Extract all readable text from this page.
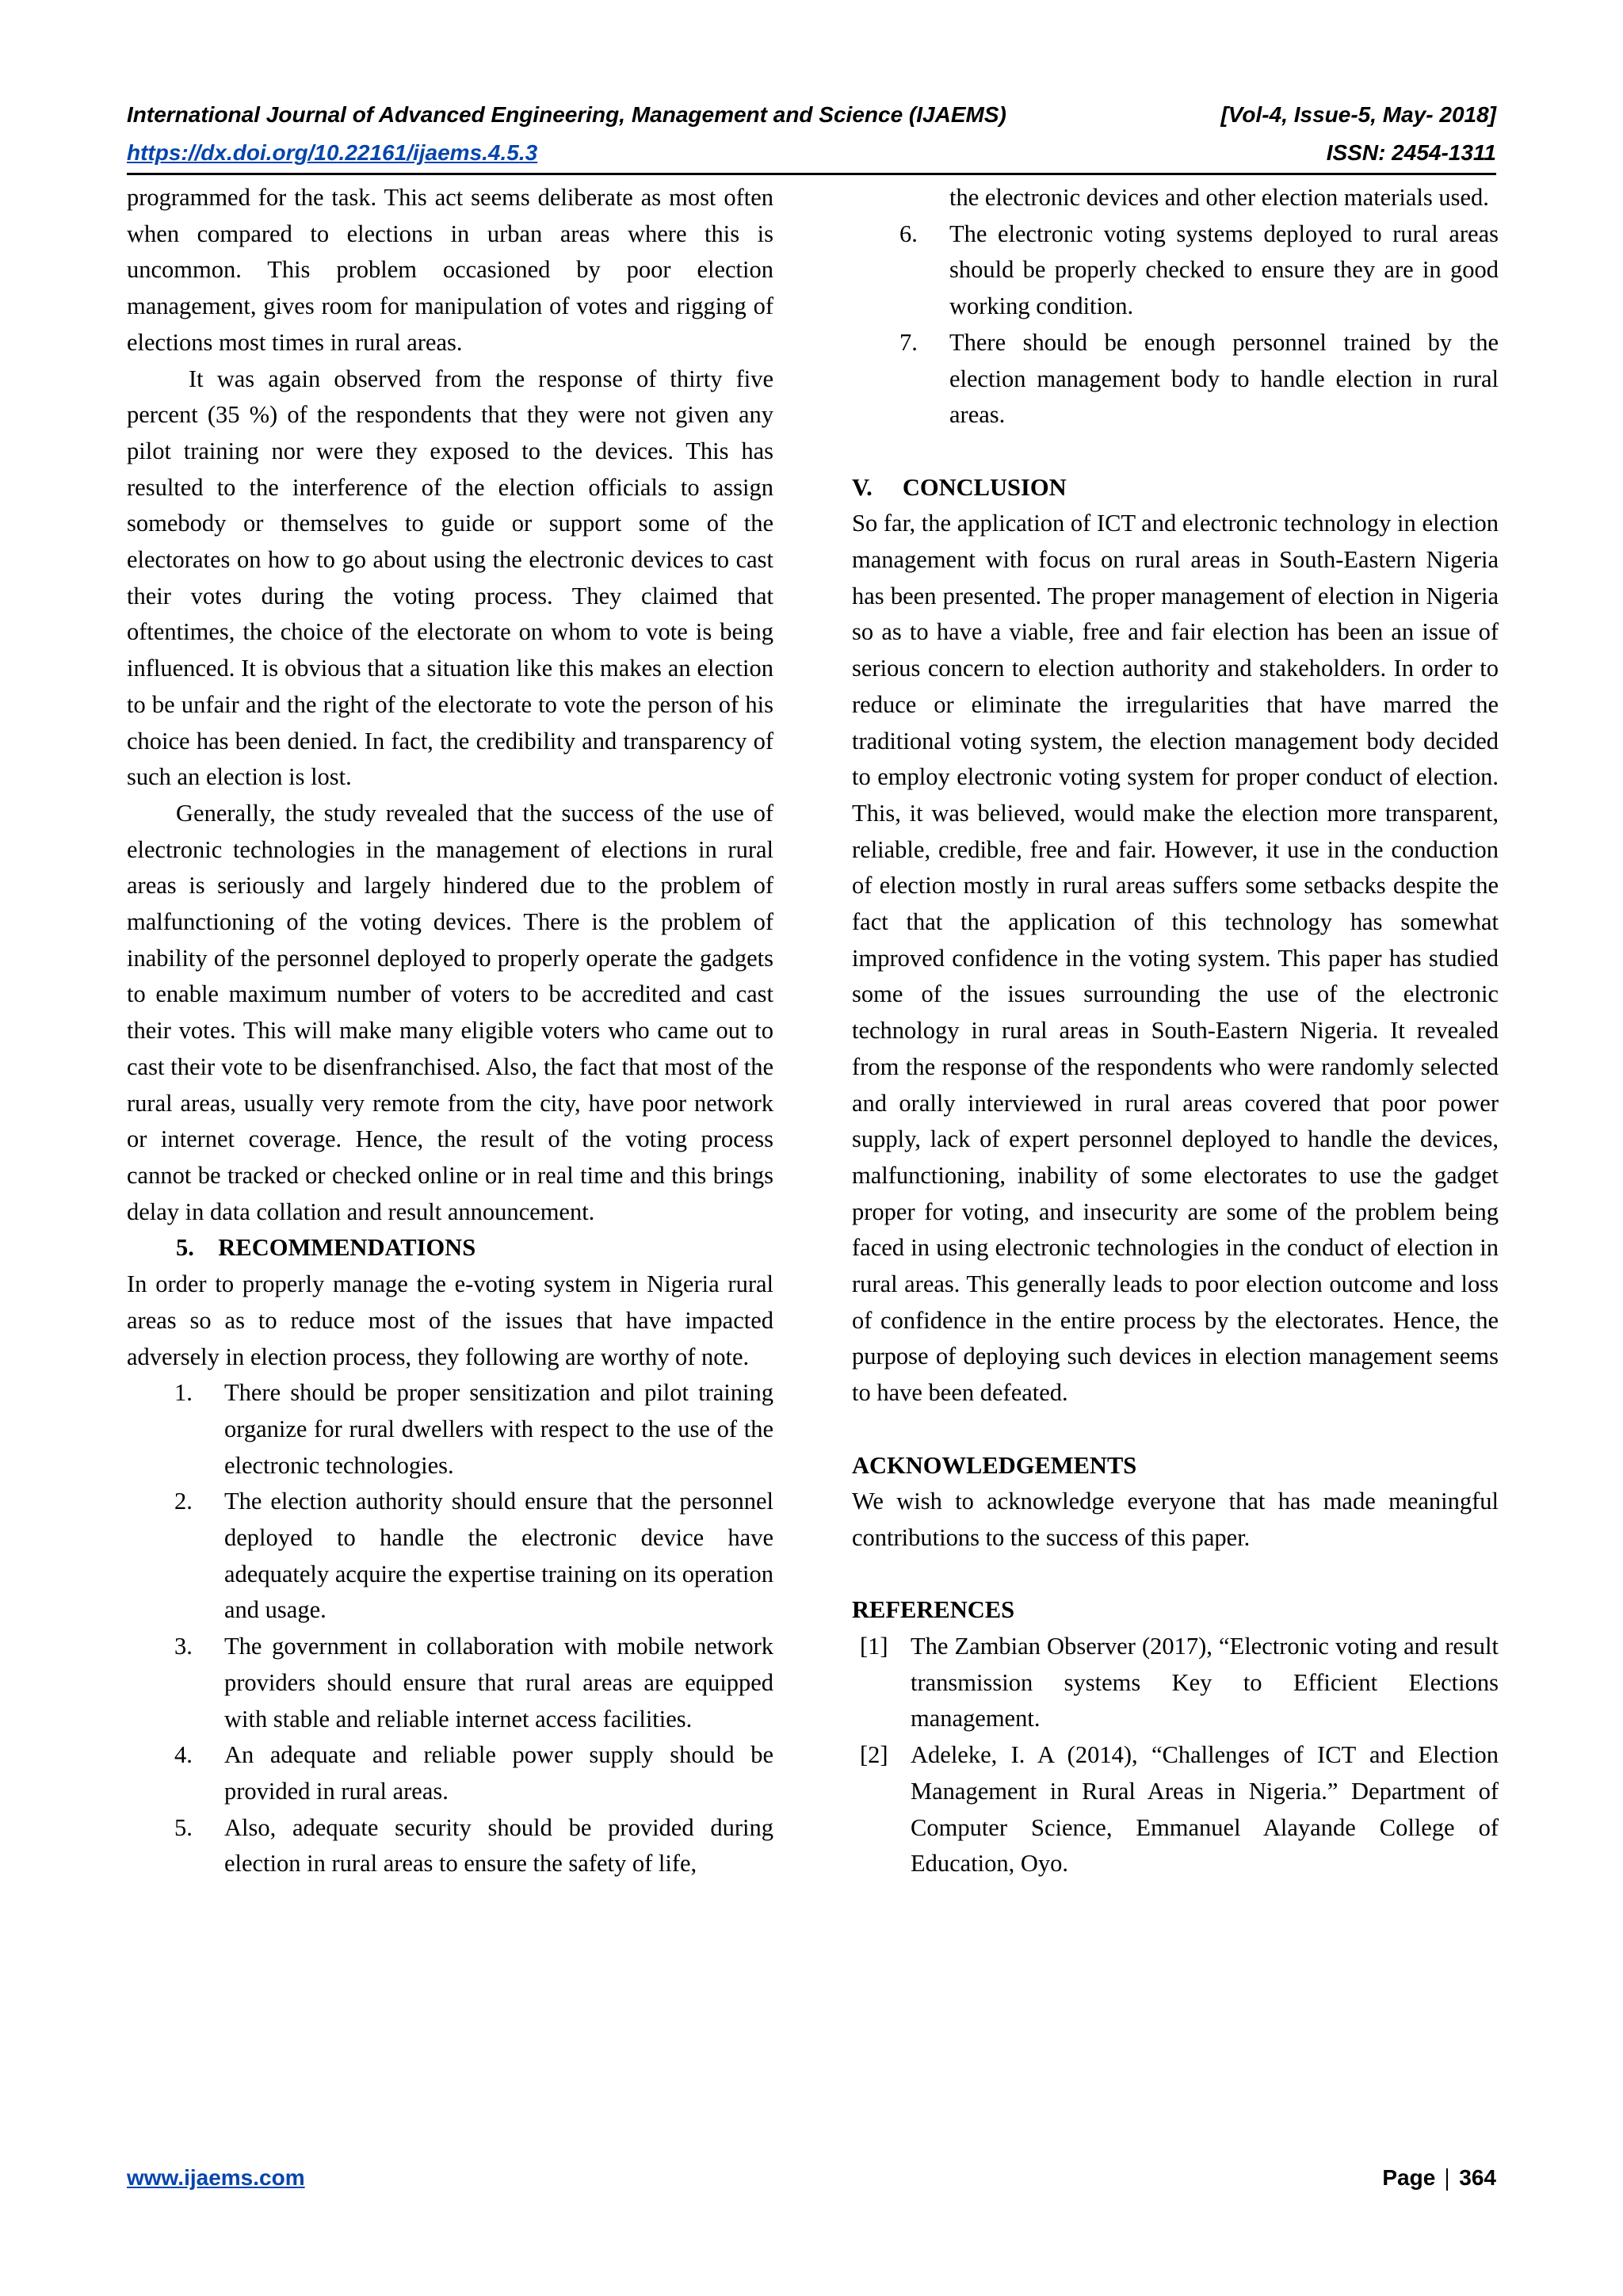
International Journal of Advanced Engineering, Management and Science (IJAEMS)	[Vol-4, Issue-5, May- 2018]
https://dx.doi.org/10.22161/ijaems.4.5.3	ISSN: 2454-1311

programmed for the task. This act seems deliberate as most often when compared to elections in urban areas where this is uncommon. This problem occasioned by poor election management, gives room for manipulation of votes and rigging of elections most times in rural areas.

It was again observed from the response of thirty five percent (35 %) of the respondents that they were not given any pilot training nor were they exposed to the devices. This has resulted to the interference of the election officials to assign somebody or themselves to guide or support some of the electorates on how to go about using the electronic devices to cast their votes during the voting process. They claimed that oftentimes, the choice of the electorate on whom to vote is being influenced. It is obvious that a situation like this makes an election to be unfair and the right of the electorate to vote the person of his choice has been denied. In fact, the credibility and transparency of such an election is lost.

Generally, the study revealed that the success of the use of electronic technologies in the management of elections in rural areas is seriously and largely hindered due to the problem of malfunctioning of the voting devices. There is the problem of inability of the personnel deployed to properly operate the gadgets to enable maximum number of voters to be accredited and cast their votes. This will make many eligible voters who came out to cast their vote to be disenfranchised. Also, the fact that most of the rural areas, usually very remote from the city, have poor network or internet coverage. Hence, the result of the voting process cannot be tracked or checked online or in real time and this brings delay in data collation and result announcement.

5. RECOMMENDATIONS

In order to properly manage the e-voting system in Nigeria rural areas so as to reduce most of the issues that have impacted adversely in election process, they following are worthy of note.

1. There should be proper sensitization and pilot training organize for rural dwellers with respect to the use of the electronic technologies.
2. The election authority should ensure that the personnel deployed to handle the electronic device have adequately acquire the expertise training on its operation and usage.
3. The government in collaboration with mobile network providers should ensure that rural areas are equipped with stable and reliable internet access facilities.
4. An adequate and reliable power supply should be provided in rural areas.
5. Also, adequate security should be provided during election in rural areas to ensure the safety of life,

the electronic devices and other election materials used.

6. The electronic voting systems deployed to rural areas should be properly checked to ensure they are in good working condition.
7. There should be enough personnel trained by the election management body to handle election in rural areas.

V.     CONCLUSION

So far, the application of ICT and electronic technology in election management with focus on rural areas in South-Eastern Nigeria has been presented. The proper management of election in Nigeria so as to have a viable, free and fair election has been an issue of serious concern to election authority and stakeholders. In order to reduce or eliminate the irregularities that have marred the traditional voting system, the election management body decided to employ electronic voting system for proper conduct of election. This, it was believed, would make the election more transparent, reliable, credible, free and fair. However, it use in the conduction of election mostly in rural areas suffers some setbacks despite the fact that the application of this technology has somewhat improved confidence in the voting system. This paper has studied some of the issues surrounding the use of the electronic technology in rural areas in South-Eastern Nigeria. It revealed from the response of the respondents who were randomly selected and orally interviewed in rural areas covered that poor power supply, lack of expert personnel deployed to handle the devices, malfunctioning, inability of some electorates to use the gadget proper for voting, and insecurity are some of the problem being faced in using electronic technologies in the conduct of election in rural areas. This generally leads to poor election outcome and loss of confidence in the entire process by the electorates. Hence, the purpose of deploying such devices in election management seems to have been defeated.

ACKNOWLEDGEMENTS

We wish to acknowledge everyone that has made meaningful contributions to the success of this paper.

REFERENCES

[1] The Zambian Observer (2017), “Electronic voting and result transmission systems Key to Efficient Elections management.
[2] Adeleke, I. A (2014), “Challenges of ICT and Election Management in Rural Areas in Nigeria.” Department of Computer Science, Emmanuel Alayande College of Education, Oyo.
www.ijaems.com	Page 364
